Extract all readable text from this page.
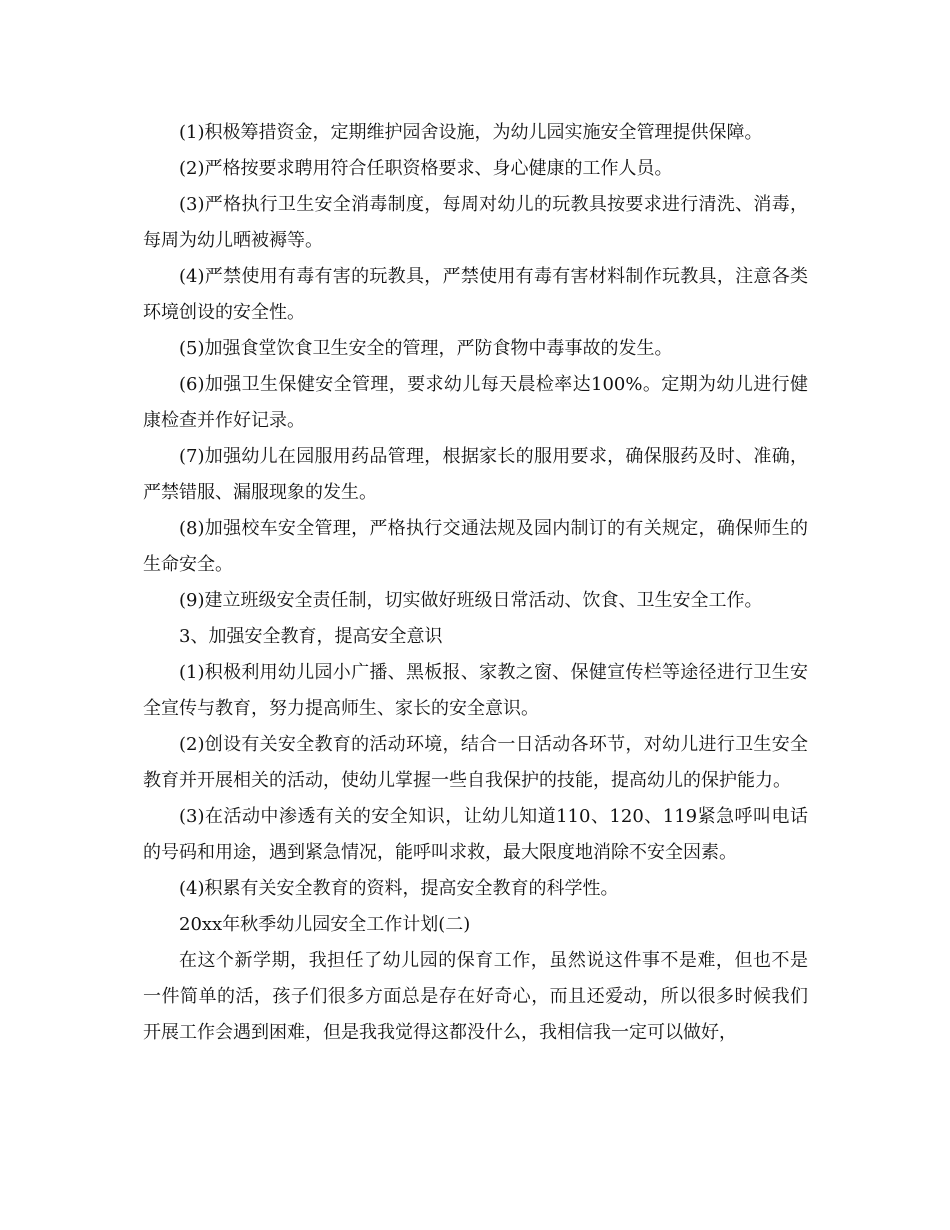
(1)积极筹措资金，定期维护园舍设施，为幼儿园实施安全管理提供保障。

(2)严格按要求聘用符合任职资格要求、身心健康的工作人员。

(3)严格执行卫生安全消毒制度，每周对幼儿的玩教具按要求进行清洗、消毒，每周为幼儿晒被褥等。

(4)严禁使用有毒有害的玩教具，严禁使用有毒有害材料制作玩教具，注意各类环境创设的安全性。

(5)加强食堂饮食卫生安全的管理，严防食物中毒事故的发生。

(6)加强卫生保健安全管理，要求幼儿每天晨检率达100%。定期为幼儿进行健康检查并作好记录。

(7)加强幼儿在园服用药品管理，根据家长的服用要求，确保服药及时、准确，严禁错服、漏服现象的发生。

(8)加强校车安全管理，严格执行交通法规及园内制订的有关规定，确保师生的生命安全。

(9)建立班级安全责任制，切实做好班级日常活动、饮食、卫生安全工作。

3、加强安全教育，提高安全意识

(1)积极利用幼儿园小广播、黑板报、家教之窗、保健宣传栏等途径进行卫生安全宣传与教育，努力提高师生、家长的安全意识。

(2)创设有关安全教育的活动环境，结合一日活动各环节，对幼儿进行卫生安全教育并开展相关的活动，使幼儿掌握一些自我保护的技能，提高幼儿的保护能力。

(3)在活动中渗透有关的安全知识，让幼儿知道110、120、119紧急呼叫电话的号码和用途，遇到紧急情况，能呼叫求救，最大限度地消除不安全因素。

(4)积累有关安全教育的资料，提高安全教育的科学性。

20xx年秋季幼儿园安全工作计划(二)

在这个新学期，我担任了幼儿园的保育工作，虽然说这件事不是难，但也不是一件简单的活，孩子们很多方面总是存在好奇心，而且还爱动，所以很多时候我们开展工作会遇到困难，但是我我觉得这都没什么，我相信我一定可以做好，
